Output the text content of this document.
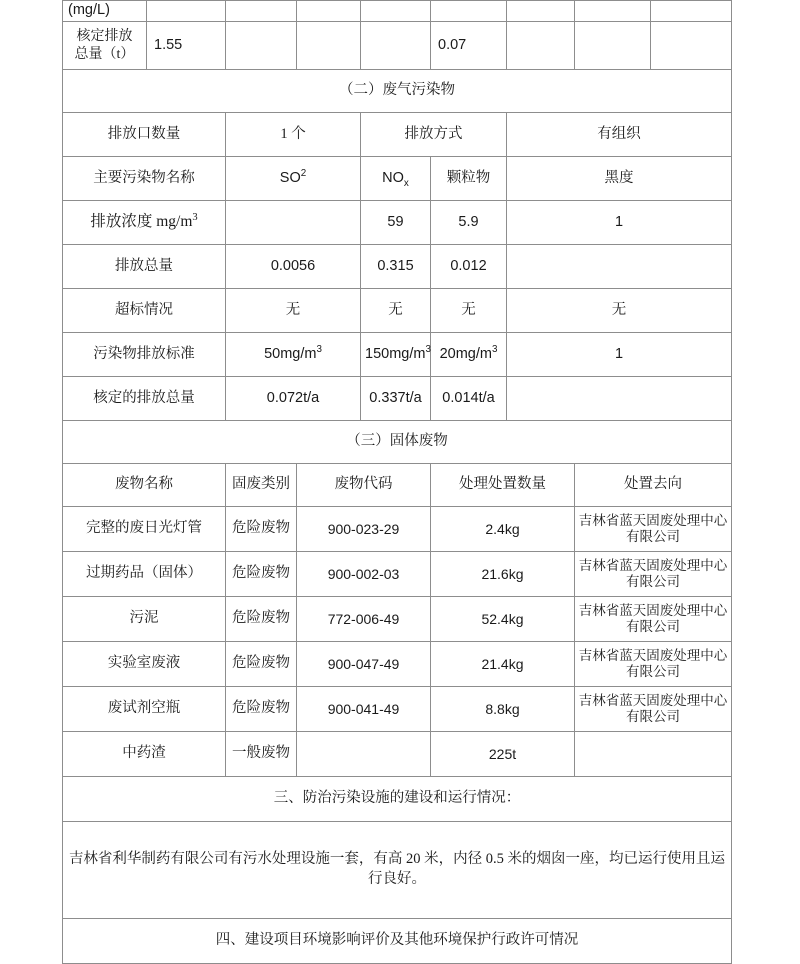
(mg/L)								
核定排放
总量（t）	1.55				0.07			
（二）废气污染物								
排放口数量		1 个		排放方式		有组织		
主要污染物名称		$SO^2$		$NO_x$	颗粒物	黑度		
排放浓度 $mg/m^3$				59	5.9	1		
排放总量		0.0056		0.315	0.012			
超标情况		无		无	无	无		
污染物排放标准		$50mg/m^3$		$150mg/m^3$	$20mg/m^3$	1		
核定的排放总量		0.072t/a		0.337t/a	0.014t/a			
（三）固体废物								
废物名称		固废类别	废物代码		处理处置数量		处置去向	
完整的废日光灯管		危险废物	900-023-29		2.4kg		吉林省蓝天固废处理中心有限公司	
过期药品（固体）		危险废物	900-002-03		21.6kg		吉林省蓝天固废处理中心有限公司	
污泥		危险废物	772-006-49		52.4kg		吉林省蓝天固废处理中心有限公司	
实验室废液		危险废物	900-047-49		21.4kg		吉林省蓝天固废处理中心有限公司	
废试剂空瓶		危险废物	900-041-49		8.8kg		吉林省蓝天固废处理中心有限公司	
中药渣		一般废物			225t			
三、防治污染设施的建设和运行情况：								
吉林省利华制药有限公司有污水处理设施一套，有高 20 米，内径 0.5 米的烟囱一座，均已运行使用且运行良好。								
四、建设项目环境影响评价及其他环境保护行政许可情况								
